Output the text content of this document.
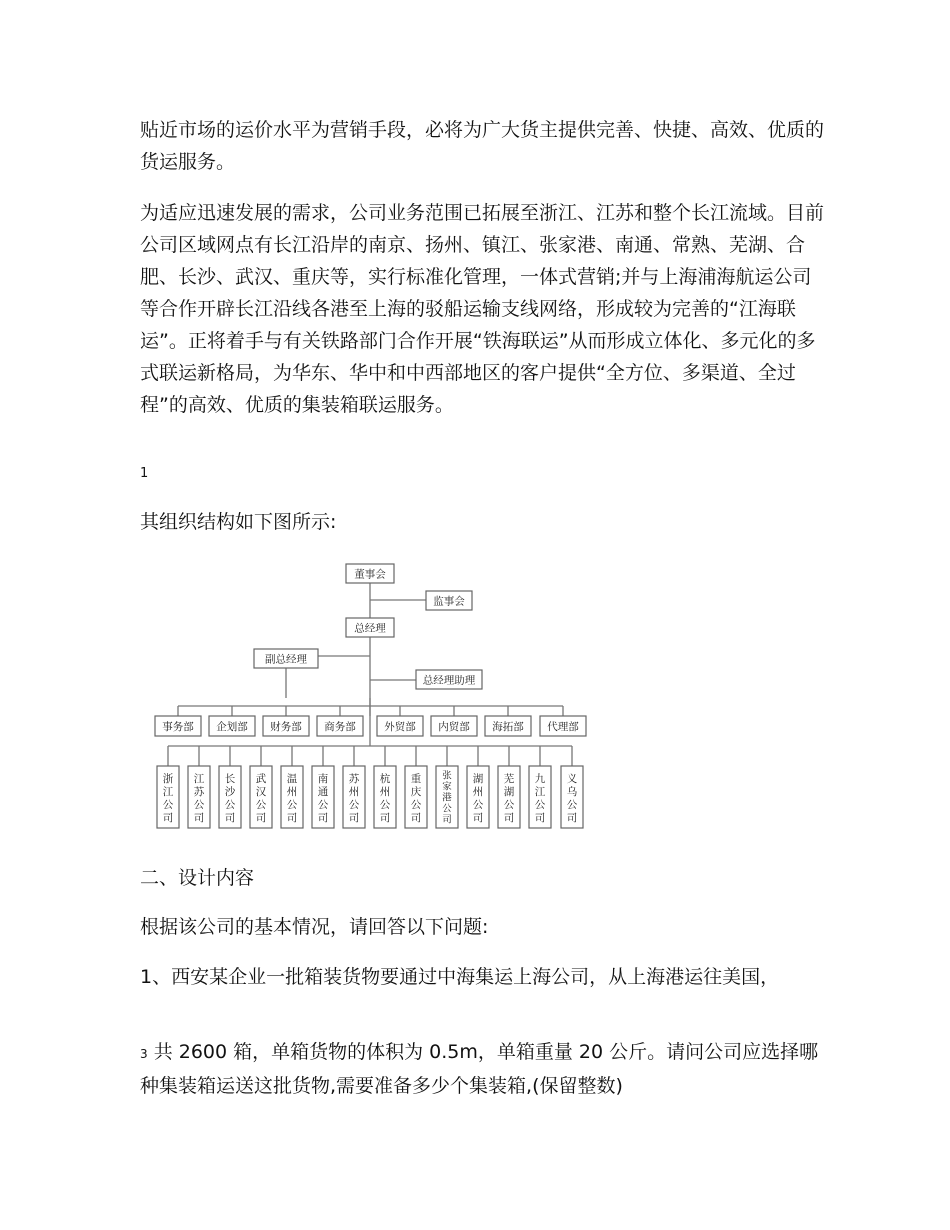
贴近市场的运价水平为营销手段，必将为广大货主提供完善、快捷、高效、优质的货运服务。

为适应迅速发展的需求，公司业务范围已拓展至浙江、江苏和整个长江流域。目前公司区域网点有长江沿岸的南京、扬州、镇江、张家港、南通、常熟、芜湖、合肥、长沙、武汉、重庆等，实行标准化管理，一体式营销;并与上海浦海航运公司等合作开辟长江沿线各港至上海的驳船运输支线网络，形成较为完善的“江海联运”。正将着手与有关铁路部门合作开展“铁海联运”从而形成立体化、多元化的多式联运新格局，为华东、华中和中西部地区的客户提供“全方位、多渠道、全过程”的高效、优质的集装箱联运服务。

1

其组织结构如下图所示:

董事会
监事会
总经理
副总经理
总经理助理
事务部 企划部 财务部 商务部	外贸部 内贸部 海拓部 代理部
浙
江
公
司
江
苏
公
司
长
沙
公
司
武
汉
公
司
温
州
公
司
南
通
公
司
苏
州
公
司
杭
州
公
司
重
庆
公
司
张
家
港
公
司
湖
州
公
司
芜
湖
公
司
九
江
公
司
义
乌
公
司

二、设计内容

根据该公司的基本情况，请回答以下问题:

1、西安某企业一批箱装货物要通过中海集运上海公司，从上海港运往美国，

3 共 2600 箱，单箱货物的体积为 0.5m，单箱重量 20 公斤。请问公司应选择哪种集装箱运送这批货物,需要准备多少个集装箱,(保留整数)
